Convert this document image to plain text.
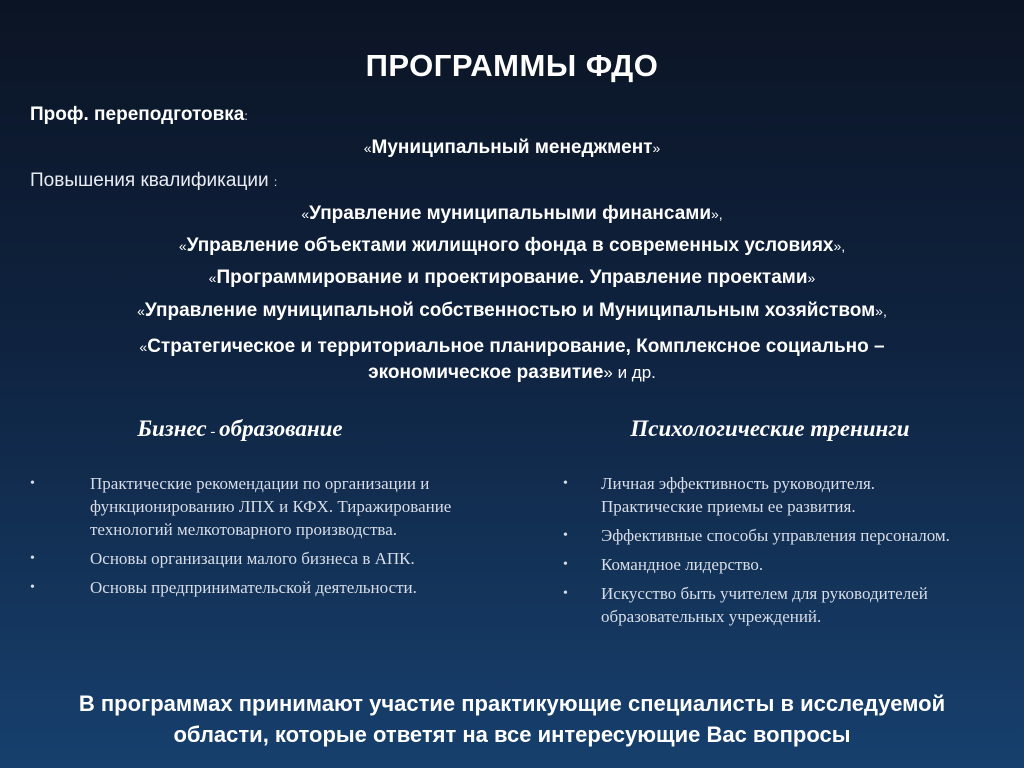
ПРОГРАММЫ ФДО
Проф. переподготовка:
«Муниципальный менеджмент»
Повышения квалификации :
«Управление муниципальными финансами»,
«Управление объектами жилищного фонда в современных условиях»,
«Программирование и проектирование. Управление проектами»
«Управление муниципальной собственностью и Муниципальным хозяйством»,
«Стратегическое и территориальное планирование, Комплексное социально –
экономическое развитие» и др.
Бизнес - образование	Психологические тренинги
•	Практические рекомендации по организации и функционированию ЛПХ и КФХ. Тиражирование технологий мелкотоварного производства.
•	Основы организации малого бизнеса в АПК.
•	Основы предпринимательской деятельности.
• Личная эффективность руководителя. Практические приемы ее развития.
• Эффективные способы управления персоналом.
• Командное лидерство.
• Искусство быть учителем для руководителей образовательных учреждений.
В программах принимают участие практикующие специалисты в исследуемой области, которые ответят на все интересующие Вас вопросы
